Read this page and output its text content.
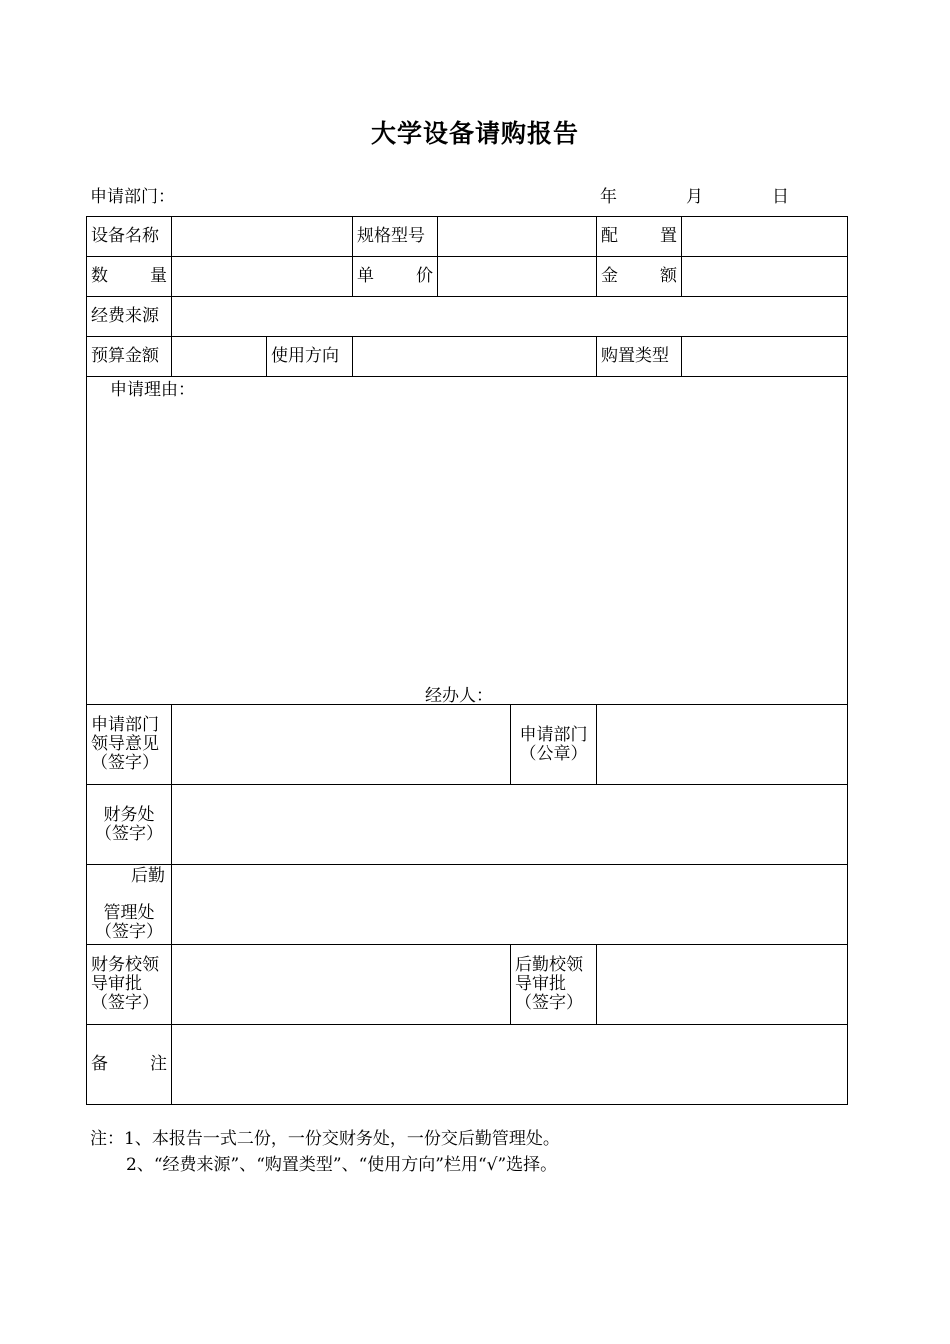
大学设备请购报告
申请部门：	年	月	日
设备名称			规格型号			配 置	

数 量			单 价			金 额	

经费来源							
预算金额		使用方向				购置类型	

申请理由：
经办人：							

申请部门领导意见（签字）					申请部门（公章）		
财务处（签字）							

后勤
管理处（签字）							

财务校领导审批（签字）					后勤校领导审批（签字）		

备 注							

注：1、本报告一式二份，一份交财务处，一份交后勤管理处。
2、“经费来源”、“购置类型”、“使用方向”栏用“√”选择。
